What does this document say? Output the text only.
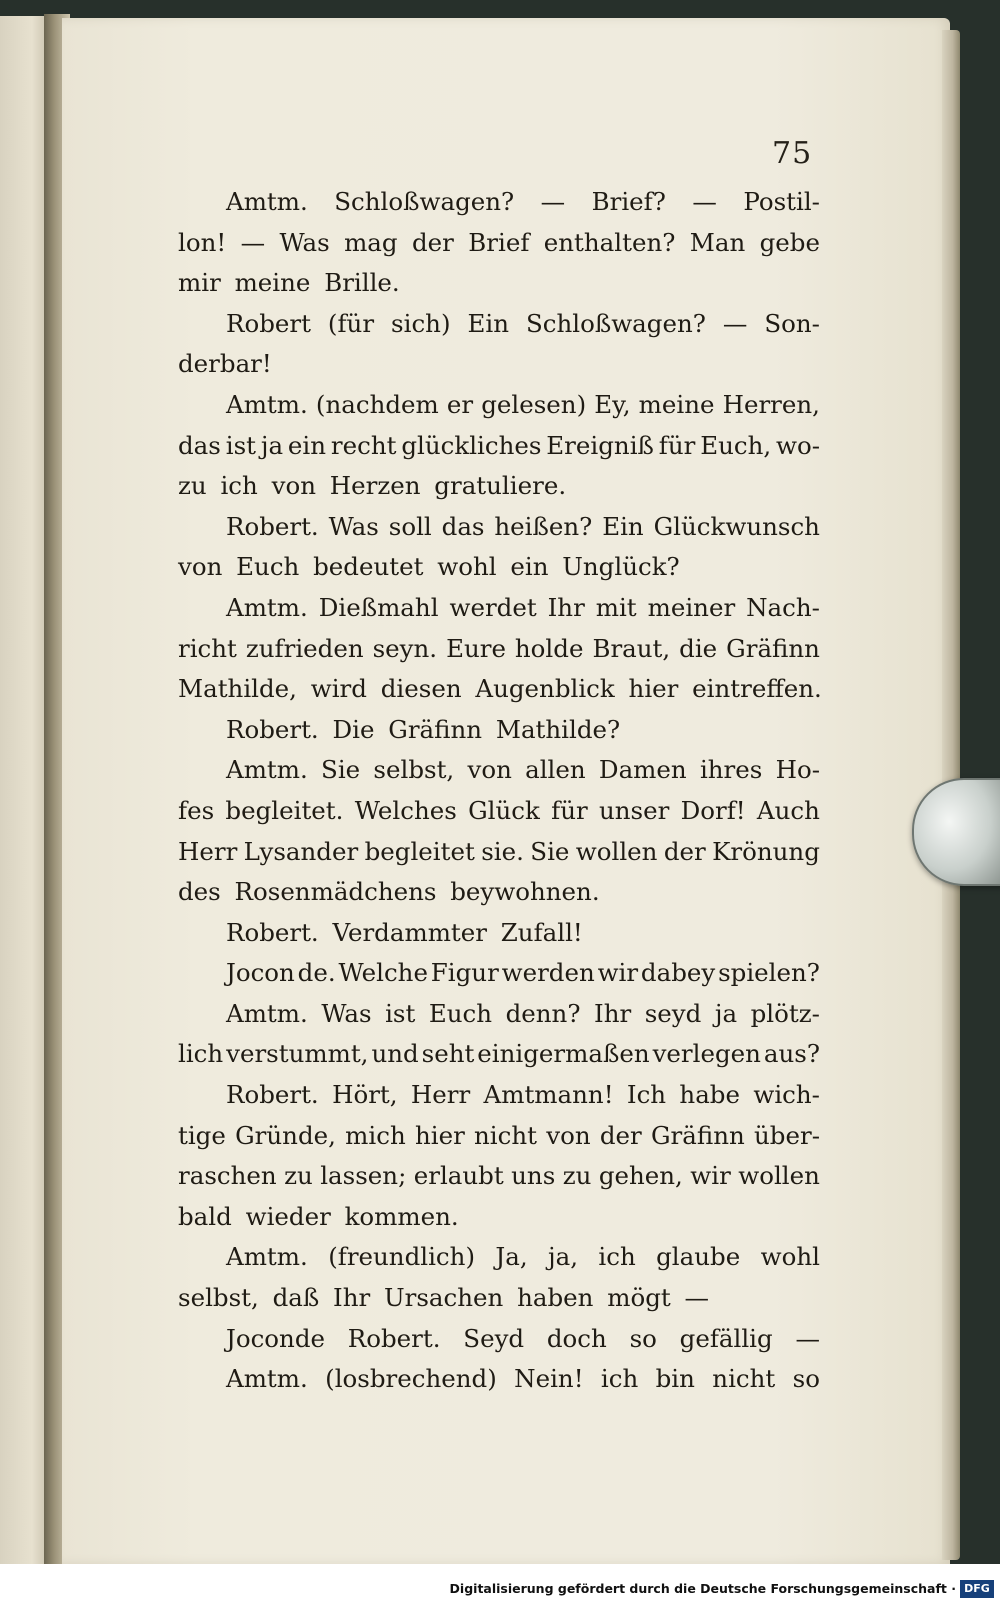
75
Amtm. Schloßwagen? — Brief? — Postil-
lon! — Was mag der Brief enthalten? Man gebe
mir meine Brille.
Robert (für sich) Ein Schloßwagen? — Son-
derbar!
Amtm. (nachdem er gelesen) Ey, meine Herren,
das ist ja ein recht glückliches Ereigniß für Euch, wo-
zu ich von Herzen gratuliere.
Robert. Was soll das heißen? Ein Glückwunsch
von Euch bedeutet wohl ein Unglück?
Amtm. Dießmahl werdet Ihr mit meiner Nach-
richt zufrieden seyn. Eure holde Braut, die Gräfinn
Mathilde, wird diesen Augenblick hier eintreffen.
Robert. Die Gräfinn Mathilde?
Amtm. Sie selbst, von allen Damen ihres Ho-
fes begleitet. Welches Glück für unser Dorf! Auch
Herr Lysander begleitet sie. Sie wollen der Krönung
des Rosenmädchens beywohnen.
Robert. Verdammter Zufall!
Jocon de. Welche Figur werden wir dabey spielen?
Amtm. Was ist Euch denn? Ihr seyd ja plötz-
lich verstummt, und seht einigermaßen verlegen aus?
Robert. Hört, Herr Amtmann! Ich habe wich-
tige Gründe, mich hier nicht von der Gräfinn über-
raschen zu lassen; erlaubt uns zu gehen, wir wollen
bald wieder kommen.
Amtm. (freundlich) Ja, ja, ich glaube wohl
selbst, daß Ihr Ursachen haben mögt —
Joconde Robert. Seyd doch so gefällig —
Amtm. (losbrechend) Nein! ich bin nicht so
Digitalisierung gefördert durch die Deutsche Forschungsgemeinschaft · DFG
